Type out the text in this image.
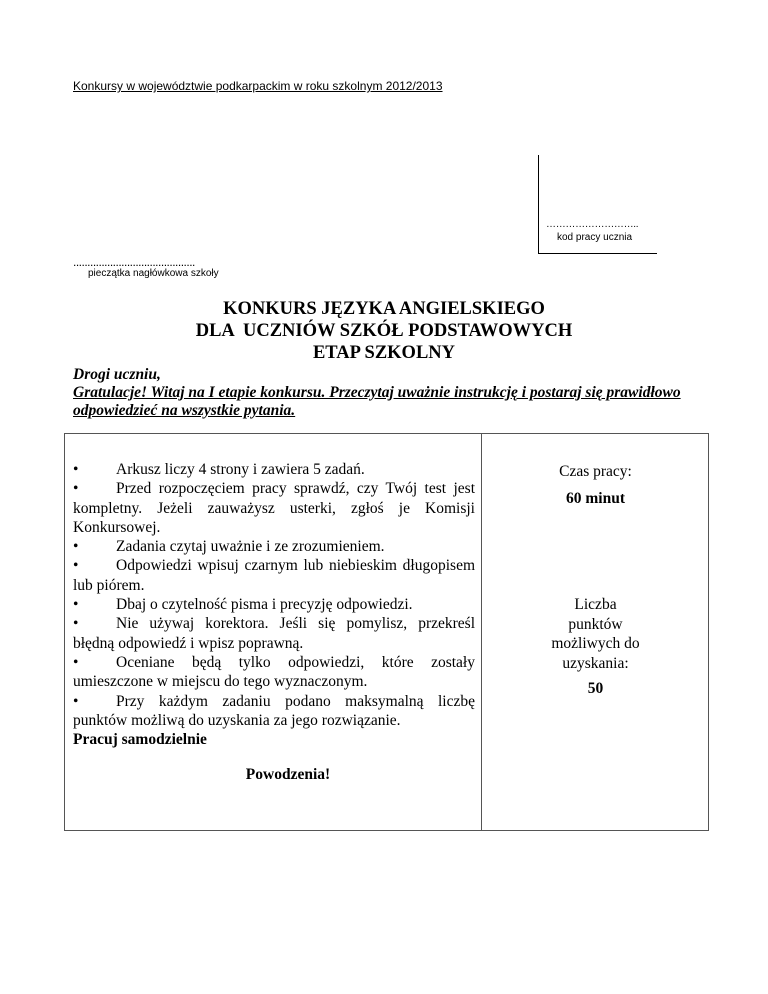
Konkursy w województwie podkarpackim w roku szkolnym 2012/2013
………………………..
kod pracy ucznia
...........................................
pieczątka nagłówkowa szkoły
KONKURS JĘZYKA ANGIELSKIEGO
DLA  UCZNIÓW SZKÓŁ PODSTAWOWYCH
ETAP SZKOLNY
Drogi uczniu,
Gratulacje! Witaj na I etapie konkursu. Przeczytaj uważnie instrukcję i postaraj się prawidłowo odpowiedzieć na wszystkie pytania.
• Arkusz liczy 4 strony i zawiera 5 zadań.
• Przed rozpoczęciem pracy sprawdź, czy Twój test jest kompletny. Jeżeli zauważysz usterki, zgłoś je Komisji Konkursowej.
• Zadania czytaj uważnie i ze zrozumieniem.
• Odpowiedzi wpisuj czarnym lub niebieskim długopisem lub piórem.
• Dbaj o czytelność pisma i precyzję odpowiedzi.
• Nie używaj korektora. Jeśli się pomylisz, przekreśl błędną odpowiedź i wpisz poprawną.
• Oceniane będą tylko odpowiedzi, które zostały umieszczone w miejscu do tego wyznaczonym.
• Przy każdym zadaniu podano maksymalną liczbę punktów możliwą do uzyskania za jego rozwiązanie.
Pracuj samodzielnie
Powodzenia!
Czas pracy:
60 minut
Liczba punktów możliwych do uzyskania:
50
